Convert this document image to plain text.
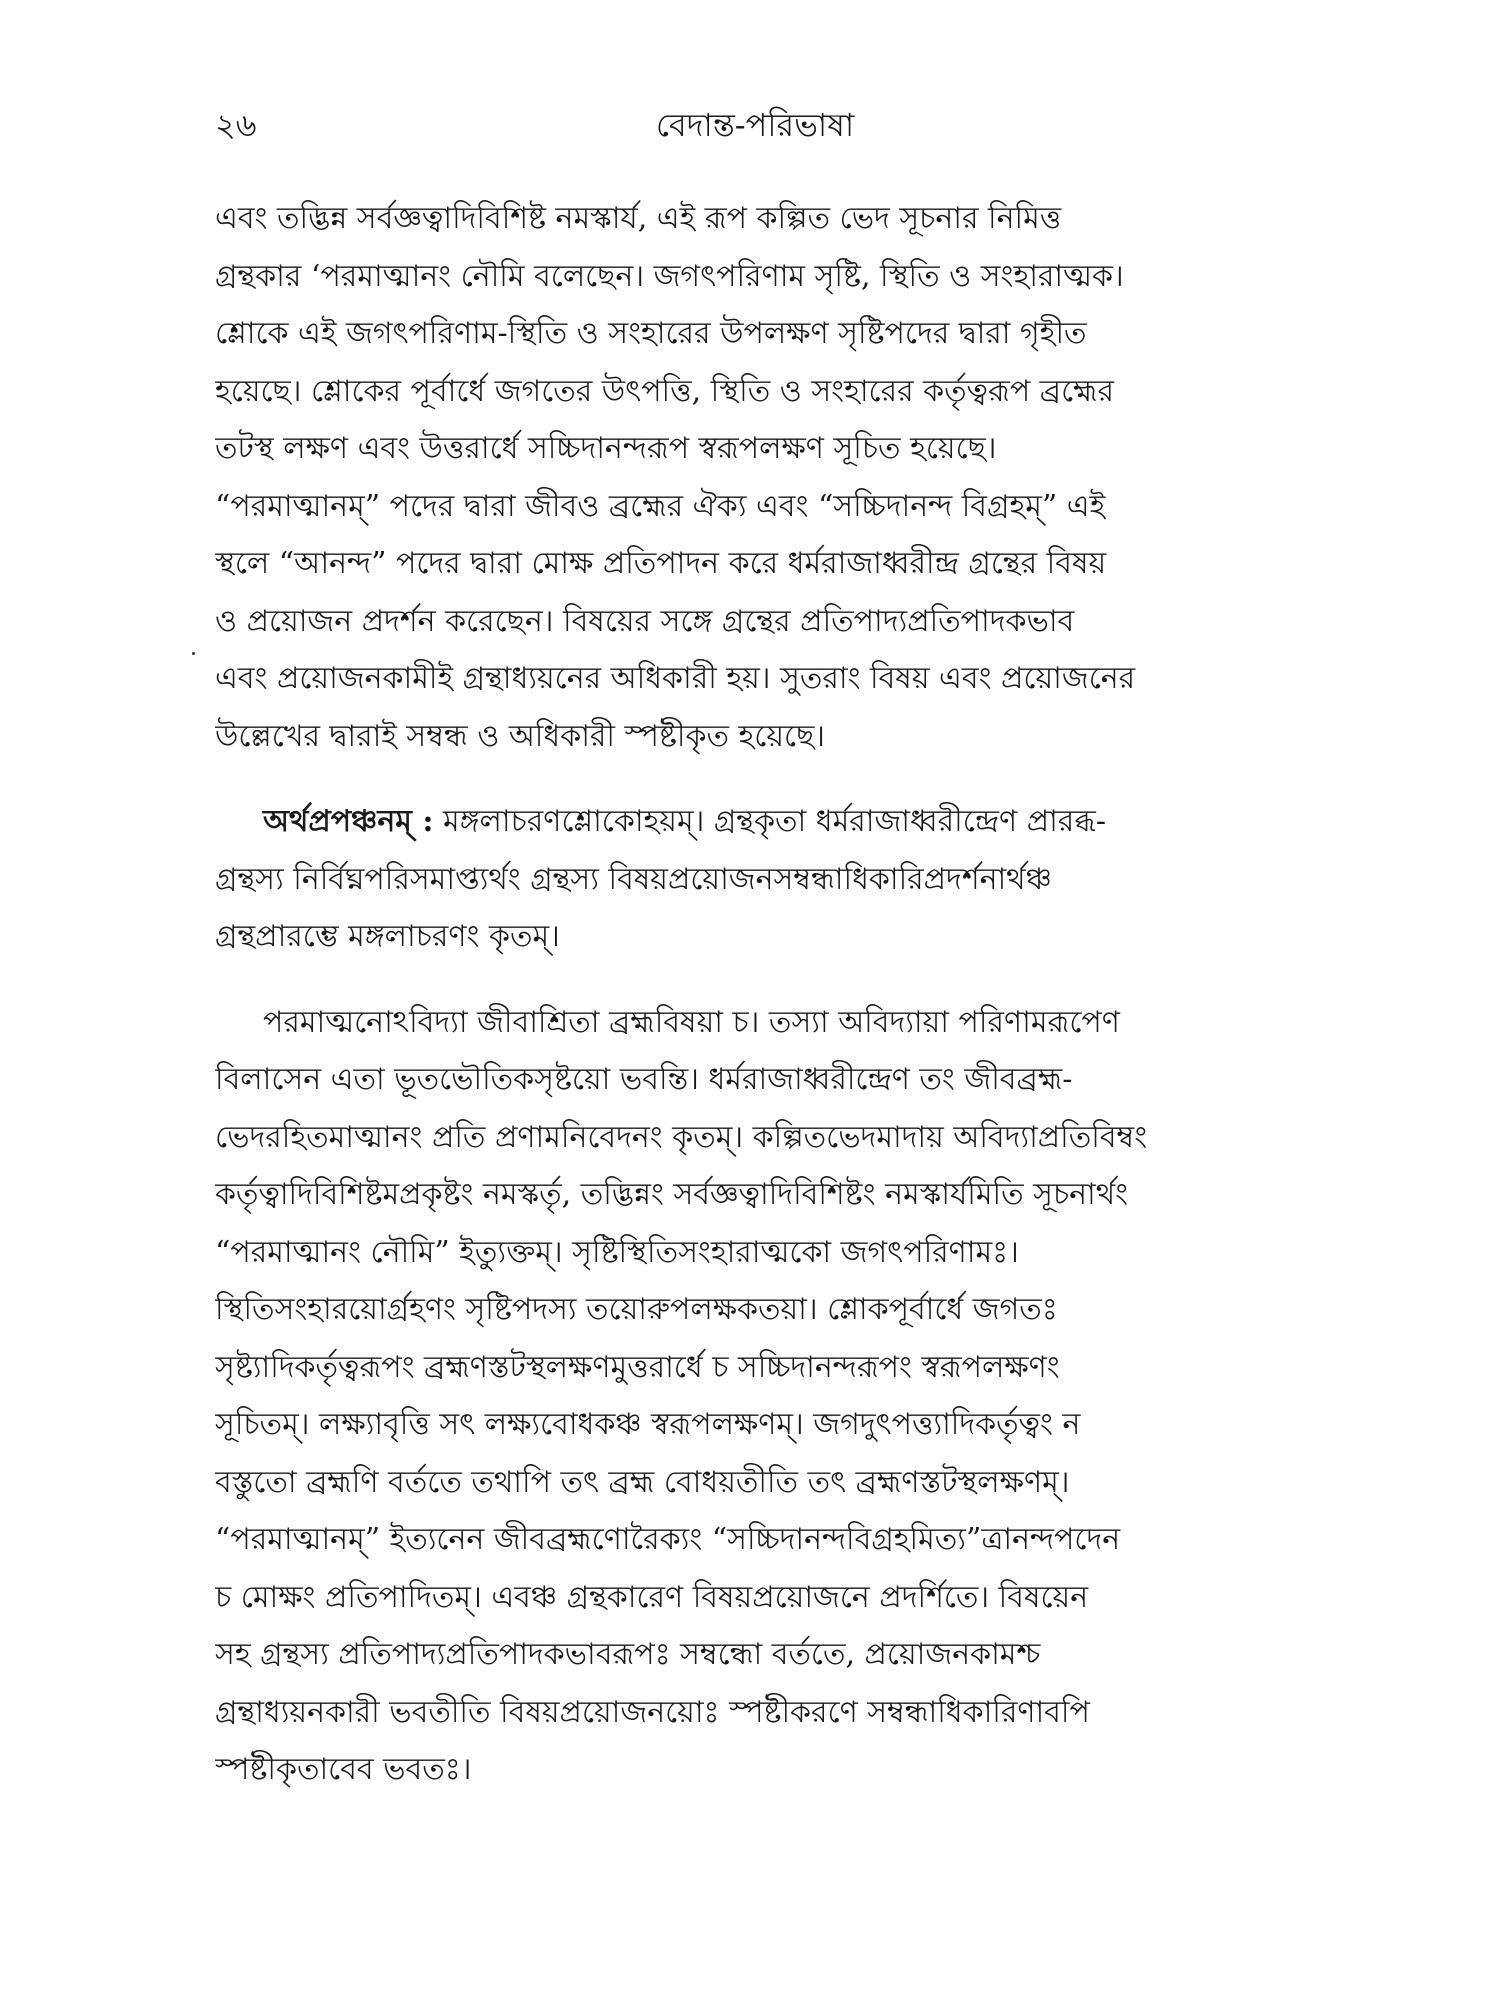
২৬	বেদান্ত-পরিভাষা
এবং তদ্ভিন্ন সর্বজ্ঞত্বাদিবিশিষ্ট নমস্কার্য, এই রূপ কল্পিত ভেদ সূচনার নিমিত্ত
গ্রন্থকার ‘পরমাত্মানং নৌমি বলেছেন। জগৎপরিণাম সৃষ্টি, স্থিতি ও সংহারাত্মক।
শ্লোকে এই জগৎপরিণাম-স্থিতি ও সংহারের উপলক্ষণ সৃষ্টিপদের দ্বারা গৃহীত
হয়েছে। শ্লোকের পূর্বার্ধে জগতের উৎপত্তি, স্থিতি ও সংহারের কর্তৃত্বরূপ ব্রহ্মের
তটস্থ লক্ষণ এবং উত্তরার্ধে সচ্চিদানন্দরূপ স্বরূপলক্ষণ সূচিত হয়েছে।
“পরমাত্মানম্” পদের দ্বারা জীবও ব্রহ্মের ঐক্য এবং “সচ্চিদানন্দ বিগ্রহম্” এই
স্থলে “আনন্দ” পদের দ্বারা মোক্ষ প্রতিপাদন করে ধর্মরাজাধ্বরীন্দ্র গ্রন্থের বিষয়
ও প্রয়োজন প্রদর্শন করেছেন। বিষয়ের সঙ্গে গ্রন্থের প্রতিপাদ্যপ্রতিপাদকভাব
এবং প্রয়োজনকামীই গ্রন্থাধ্যয়নের অধিকারী হয়। সুতরাং বিষয় এবং প্রয়োজনের
উল্লেখের দ্বারাই সম্বন্ধ ও অধিকারী স্পষ্টীকৃত হয়েছে।
অর্থপ্রপঞ্চনম্ : মঙ্গলাচরণশ্লোকোহয়ম্। গ্রন্থকৃতা ধর্মরাজাধ্বরীন্দ্রেণ প্রারব্ধ-
গ্রন্থস্য নির্বিঘ্নপরিসমাপ্ত্যর্থং গ্রন্থস্য বিষয়প্রয়োজনসম্বন্ধাধিকারিপ্রদর্শনার্থঞ্চ
গ্রন্থপ্রারম্ভে মঙ্গলাচরণং কৃতম্।
পরমাত্মনোঽবিদ্যা জীবাশ্রিতা ব্রহ্মবিষয়া চ। তস্যা অবিদ্যায়া পরিণামরূপেণ
বিলাসেন এতা ভূতভৌতিকসৃষ্টয়ো ভবন্তি। ধর্মরাজাধ্বরীন্দ্রেণ তং জীবব্রহ্ম-
ভেদরহিতমাত্মানং প্রতি প্রণামনিবেদনং কৃতম্। কল্পিতভেদমাদায় অবিদ্যাপ্রতিবিম্বং
কর্তৃত্বাদিবিশিষ্টমপ্রকৃষ্টং নমস্কর্তৃ, তদ্ভিন্নং সর্বজ্ঞত্বাদিবিশিষ্টং নমস্কার্যমিতি সূচনার্থং
“পরমাত্মানং নৌমি” ইত্যুক্তম্। সৃষ্টিস্থিতিসংহারাত্মকো জগৎপরিণামঃ।
স্থিতিসংহারয়োর্গ্রহণং সৃষ্টিপদস্য তয়োরুপলক্ষকতয়া। শ্লোকপূর্বার্ধে জগতঃ
সৃষ্ট্যাদিকর্তৃত্বরূপং ব্রহ্মণস্তটস্থলক্ষণমুত্তরার্ধে চ সচ্চিদানন্দরূপং স্বরূপলক্ষণং
সূচিতম্। লক্ষ্যাবৃত্তি সৎ লক্ষ্যবোধকঞ্চ স্বরূপলক্ষণম্। জগদুৎপত্ত্যাদিকর্তৃত্বং ন
বস্তুতো ব্রহ্মণি বর্ততে তথাপি তৎ ব্রহ্ম বোধয়তীতি তৎ ব্রহ্মণস্তটস্থলক্ষণম্।
“পরমাত্মানম্” ইত্যনেন জীবব্রহ্মণোরৈক্যং “সচ্চিদানন্দবিগ্রহমিত্য”ত্রানন্দপদেন
চ মোক্ষং প্রতিপাদিতম্। এবঞ্চ গ্রন্থকারেণ বিষয়প্রয়োজনে প্রদর্শিতে। বিষয়েন
সহ গ্রন্থস্য প্রতিপাদ্যপ্রতিপাদকভাবরূপঃ সম্বন্ধো বর্ততে, প্রয়োজনকামশ্চ
গ্রন্থাধ্যয়নকারী ভবতীতি বিষয়প্রয়োজনয়োঃ স্পষ্টীকরণে সম্বন্ধাধিকারিণাবপি
স্পষ্টীকৃতাবেব ভবতঃ।
